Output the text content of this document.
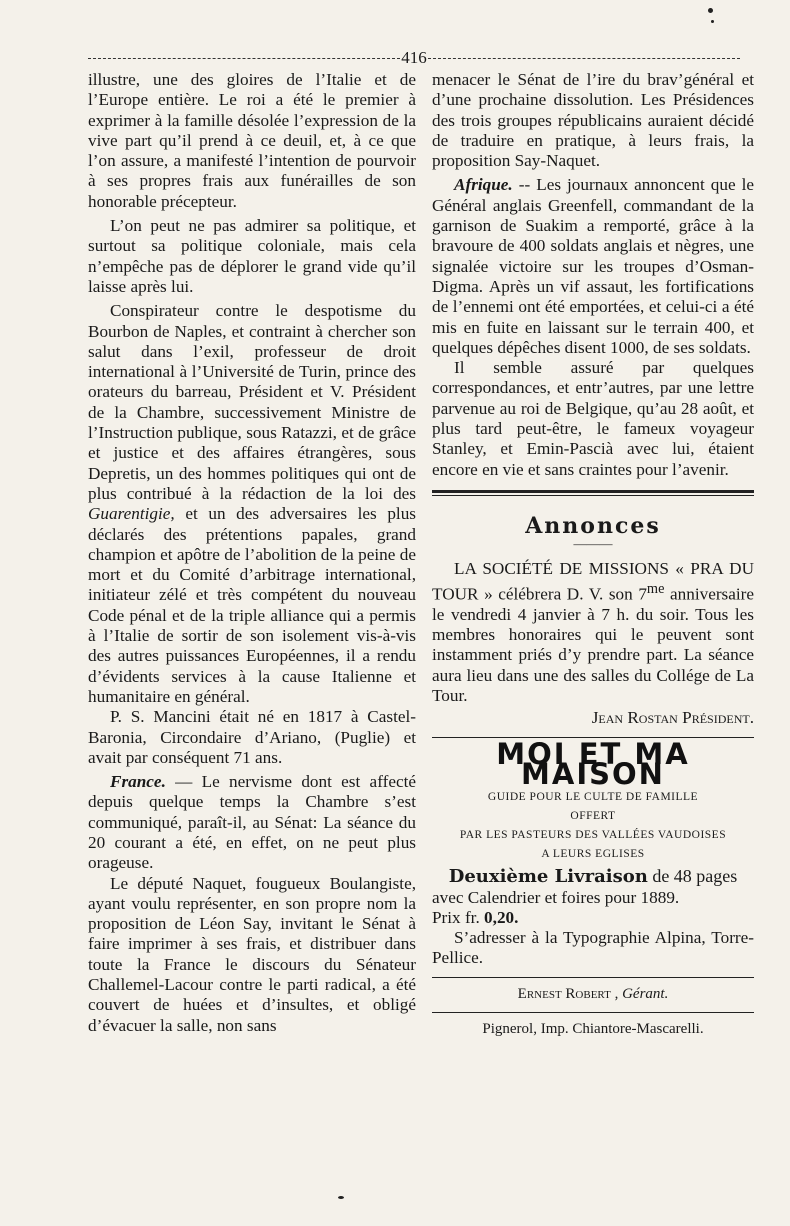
416

illustre, une des gloires de l’Italie et de l’Europe entière. Le roi a été le premier à exprimer à la famille désolée l’expression de la vive part qu’il prend à ce deuil, et, à ce que l’on assure, a manifesté l’intention de pourvoir à ses propres frais aux funérailles de son honorable précepteur.

L’on peut ne pas admirer sa politique, et surtout sa politique coloniale, mais cela n’empêche pas de déplorer le grand vide qu’il laisse après lui.

Conspirateur contre le despotisme du Bourbon de Naples, et contraint à chercher son salut dans l’exil, professeur de droit international à l’Université de Turin, prince des orateurs du barreau, Président et V. Président de la Chambre, successivement Ministre de l’Instruction publique, sous Ratazzi, et de grâce et justice et des affaires étrangères, sous Depretis, un des hommes politiques qui ont de plus contribué à la rédaction de la loi des Guarentigie, et un des adversaires les plus déclarés des prétentions papales, grand champion et apôtre de l’abolition de la peine de mort et du Comité d’arbitrage international, initiateur zélé et très compétent du nouveau Code pénal et de la triple alliance qui a permis à l’Italie de sortir de son isolement vis-à-vis des autres puissances Européennes, il a rendu d’évidents services à la cause Italienne et humanitaire en général.

P. S. Mancini était né en 1817 à Castel-Baronia, Circondaire d’Ariano, (Puglie) et avait par conséquent 71 ans.

France. — Le nervisme dont est affecté depuis quelque temps la Chambre s’est communiqué, paraît-il, au Sénat: La séance du 20 courant a été, en effet, on ne peut plus orageuse.

Le député Naquet, fougueux Boulangiste, ayant voulu représenter, en son propre nom la proposition de Léon Say, invitant le Sénat à faire imprimer à ses frais, et distribuer dans toute la France le discours du Sénateur Challemel-Lacour contre le parti radical, a été couvert de huées et d’insultes, et obligé d’évacuer la salle, non sans

menacer le Sénat de l’ire du brav’général et d’une prochaine dissolution. Les Présidences des trois groupes républicains auraient décidé de traduire en pratique, à leurs frais, la proposition Say-Naquet.

Afrique. -- Les journaux annoncent que le Général anglais Greenfell, commandant de la garnison de Suakim a remporté, grâce à la bravoure de 400 soldats anglais et nègres, une signalée victoire sur les troupes d’Osman-Digma. Après un vif assaut, les fortifications de l’ennemi ont été emportées, et celui-ci a été mis en fuite en laissant sur le terrain 400, et quelques dépêches disent 1000, de ses soldats.

Il semble assuré par quelques correspondances, et entr’autres, par une lettre parvenue au roi de Belgique, qu’au 28 août, et plus tard peut-être, le fameux voyageur Stanley, et Emin-Pascià avec lui, étaient encore en vie et sans craintes pour l’avenir.

Annonces
———

LA SOCIÉTÉ DE MISSIONS « PRA DU TOUR » célébrera D. V. son $7^{me}$ anniversaire le vendredi 4 janvier à 7 h. du soir. Tous les membres honoraires qui le peuvent sont instamment priés d’y prendre part. La séance aura lieu dans une des salles du Collége de La Tour.

Jean Rostan Président.
MOI ET MA MAISON
GUIDE POUR LE CULTE DE FAMILLE
OFFERT
PAR LES PASTEURS DES VALLÉES VAUDOISES
A LEURS EGLISES
Deuxième Livraison de 48 pages
avec Calendrier et foires pour 1889.
Prix fr. 0,20.

S’adresser à la Typographie Alpina, Torre-Pellice.

Ernest Robert , Gérant.
Pignerol, Imp. Chiantore-Mascarelli.
